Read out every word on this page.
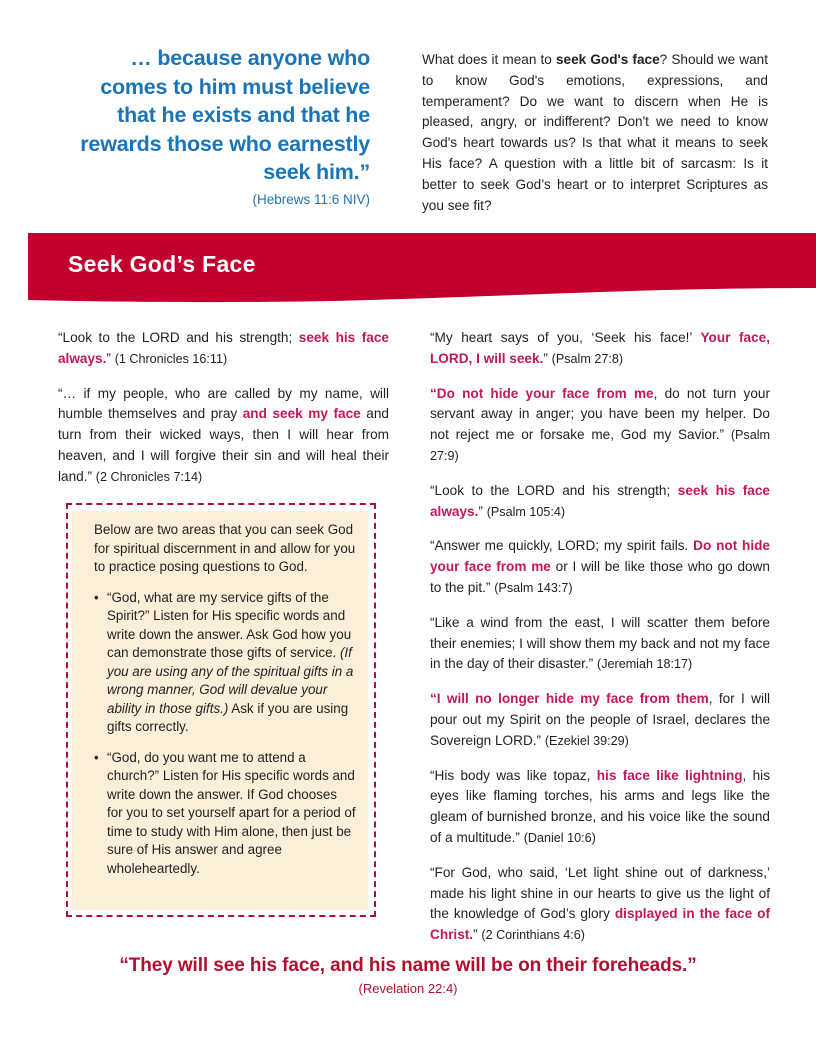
… because anyone who comes to him must believe that he exists and that he rewards those who earnestly seek him.”
(Hebrews 11:6 NIV)
What does it mean to seek God's face? Should we want to know God's emotions, expressions, and temperament? Do we want to discern when He is pleased, angry, or indifferent? Don't we need to know God's heart towards us? Is that what it means to seek His face? A question with a little bit of sarcasm: Is it better to seek God’s heart or to interpret Scriptures as you see fit?
Seek God’s Face
“Look to the LORD and his strength; seek his face always.” (1 Chronicles 16:11)
“… if my people, who are called by my name, will humble themselves and pray and seek my face and turn from their wicked ways, then I will hear from heaven, and I will forgive their sin and will heal their land.” (2 Chronicles 7:14)

Below are two areas that you can seek God for spiritual discernment in and allow for you to practice posing questions to God.

• “God, what are my service gifts of the Spirit?” Listen for His specific words and write down the answer. Ask God how you can demonstrate those gifts of service. (If you are using any of the spiritual gifts in a wrong manner, God will devalue your ability in those gifts.) Ask if you are using gifts correctly.
• “God, do you want me to attend a church?” Listen for His specific words and write down the answer. If God chooses for you to set yourself apart for a period of time to study with Him alone, then just be sure of His answer and agree wholeheartedly.
“My heart says of you, ‘Seek his face!’ Your face, LORD, I will seek.” (Psalm 27:8)
“Do not hide your face from me, do not turn your servant away in anger; you have been my helper. Do not reject me or forsake me, God my Savior.” (Psalm 27:9)
“Look to the LORD and his strength; seek his face always.” (Psalm 105:4)
“Answer me quickly, LORD; my spirit fails. Do not hide your face from me or I will be like those who go down to the pit.” (Psalm 143:7)
“Like a wind from the east, I will scatter them before their enemies; I will show them my back and not my face in the day of their disaster.” (Jeremiah 18:17)
“I will no longer hide my face from them, for I will pour out my Spirit on the people of Israel, declares the Sovereign LORD.” (Ezekiel 39:29)
“His body was like topaz, his face like lightning, his eyes like flaming torches, his arms and legs like the gleam of burnished bronze, and his voice like the sound of a multitude.” (Daniel 10:6)
“For God, who said, ‘Let light shine out of darkness,’ made his light shine in our hearts to give us the light of the knowledge of God’s glory displayed in the face of Christ.” (2 Corinthians 4:6)
“They will see his face, and his name will be on their foreheads.”
(Revelation 22:4)
